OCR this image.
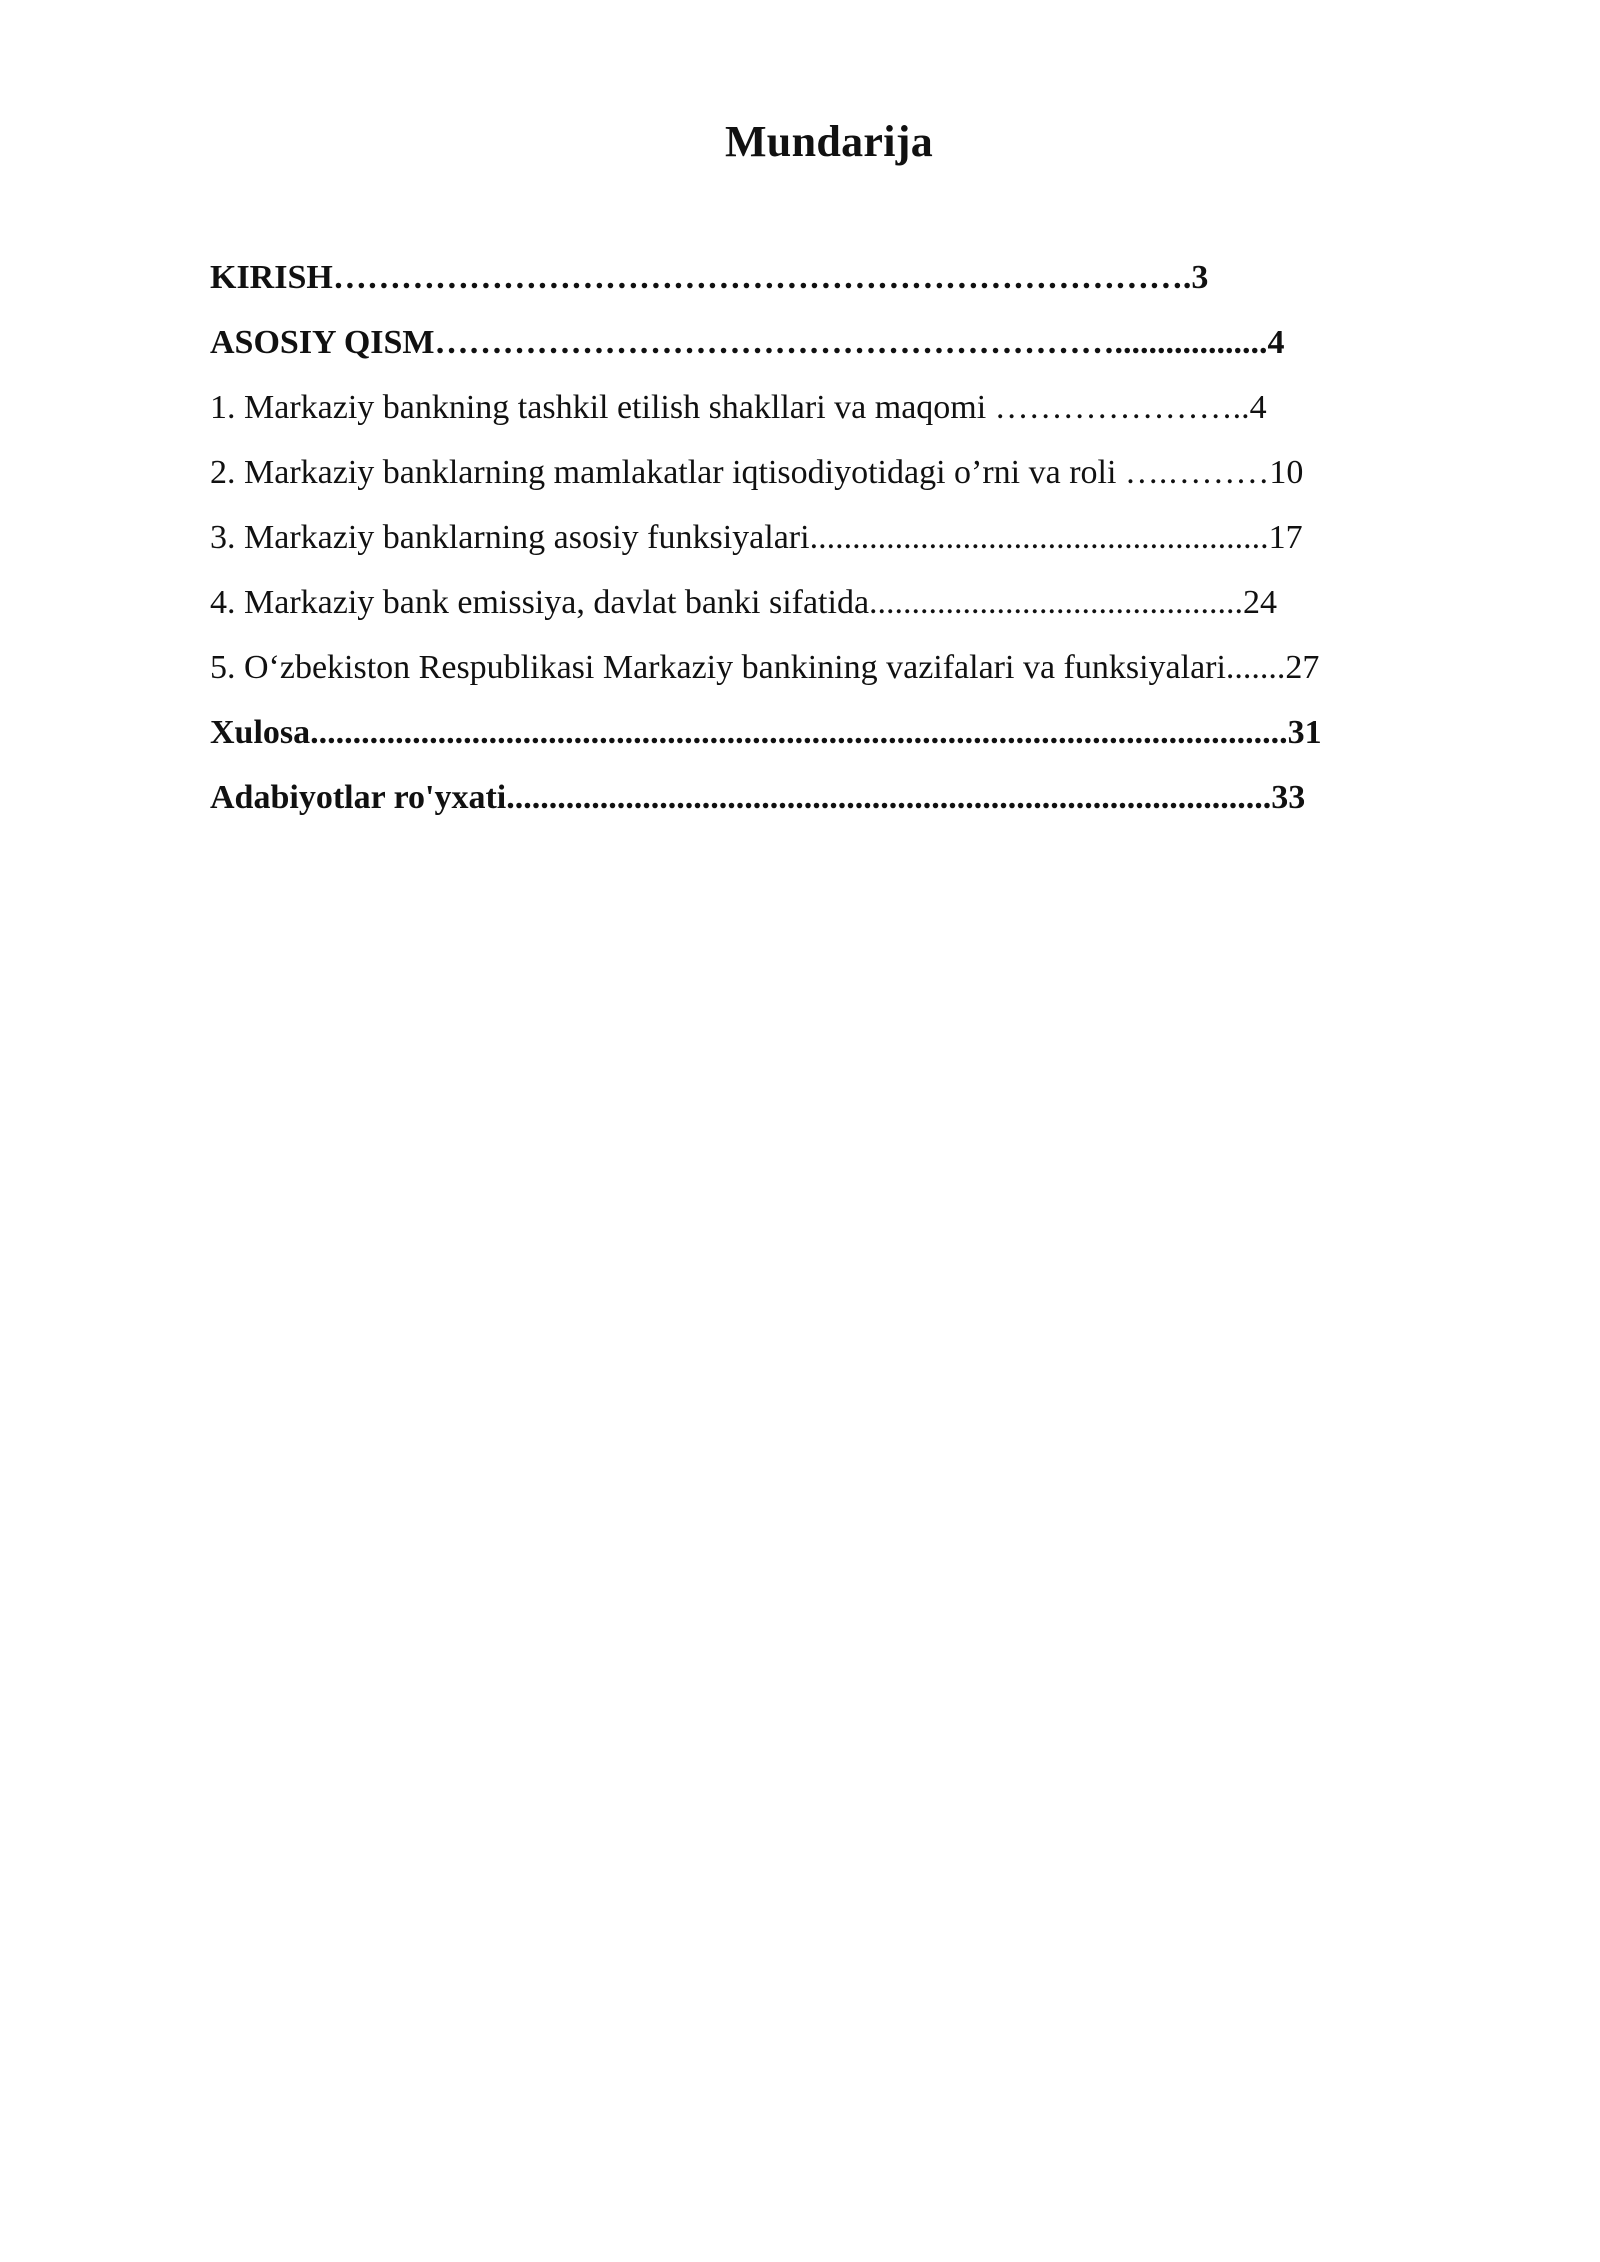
Mundarija
KIRISH………………………………………………………………….3
ASOSIY QISM……………………………………………………..................4
1. Markaziy bankning tashkil etilish shakllari va maqomi …………………..4
2. Markaziy banklarning mamlakatlar iqtisodiyotidagi o’rni va roli ….………10
3. Markaziy banklarning asosiy funksiyalari......................................................17
4. Markaziy bank emissiya, davlat banki sifatida............................................24
5. O‘zbekiston Respublikasi Markaziy bankining vazifalari va funksiyalari.......27
Xulosa...................................................................................................................31
Adabiyotlar ro'yxati..........................................................................................33
